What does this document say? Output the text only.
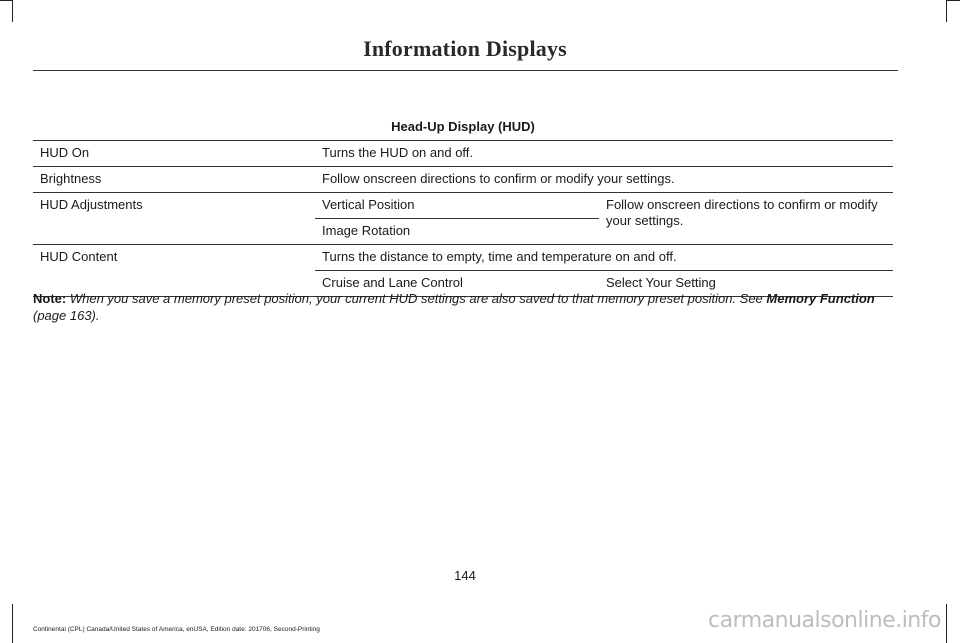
Information Displays
Head-Up Display (HUD)		
HUD On	Turns the HUD on and off.	
Brightness	Follow onscreen directions to confirm or modify your settings.	
HUD Adjustments	Vertical Position	Follow onscreen directions to confirm or modify your settings.
	Image Rotation	
HUD Content	Turns the distance to empty, time and temperature on and off.	
	Cruise and Lane Control	Select Your Setting
Note: When you save a memory preset position, your current HUD settings are also saved to that memory preset position. See Memory Function (page 163).
144
Continental (CPL) Canada/United States of America, enUSA, Edition date: 201706, Second-Printing	carmanualsonline.info
